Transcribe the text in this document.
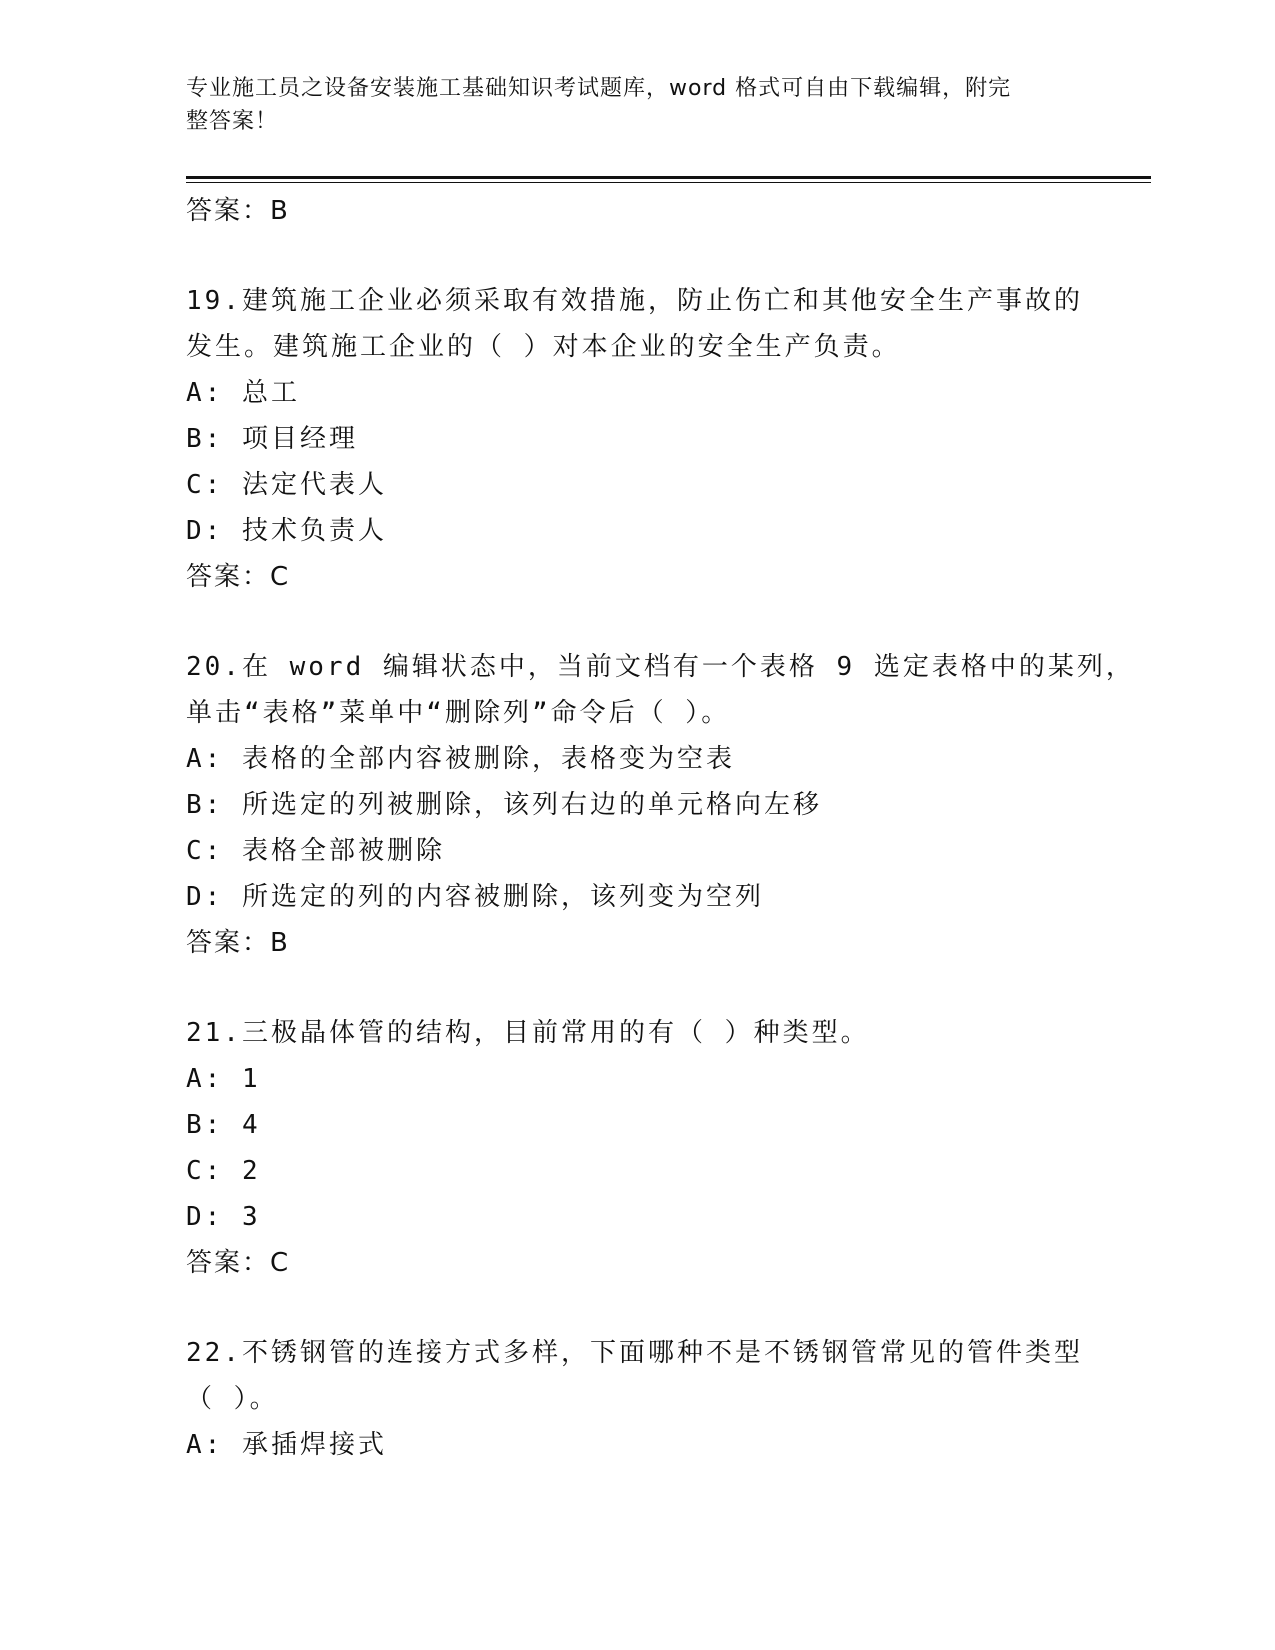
专业施工员之设备安装施工基础知识考试题库，word 格式可自由下载编辑，附完
整答案！
答案：B
19.建筑施工企业必须采取有效措施，防止伤亡和其他安全生产事故的
发生。建筑施工企业的（ ）对本企业的安全生产负责。
A: 总工
B: 项目经理
C: 法定代表人
D: 技术负责人
答案：C
20.在 word 编辑状态中，当前文档有一个表格 9 选定表格中的某列，
单击“表格”菜单中“删除列”命令后（ ）。
A: 表格的全部内容被删除，表格变为空表
B: 所选定的列被删除，该列右边的单元格向左移
C: 表格全部被删除
D: 所选定的列的内容被删除，该列变为空列
答案：B
21.三极晶体管的结构，目前常用的有（ ）种类型。
A: 1
B: 4
C: 2
D: 3
答案：C
22.不锈钢管的连接方式多样，下面哪种不是不锈钢管常见的管件类型
（ ）。
A: 承插焊接式
